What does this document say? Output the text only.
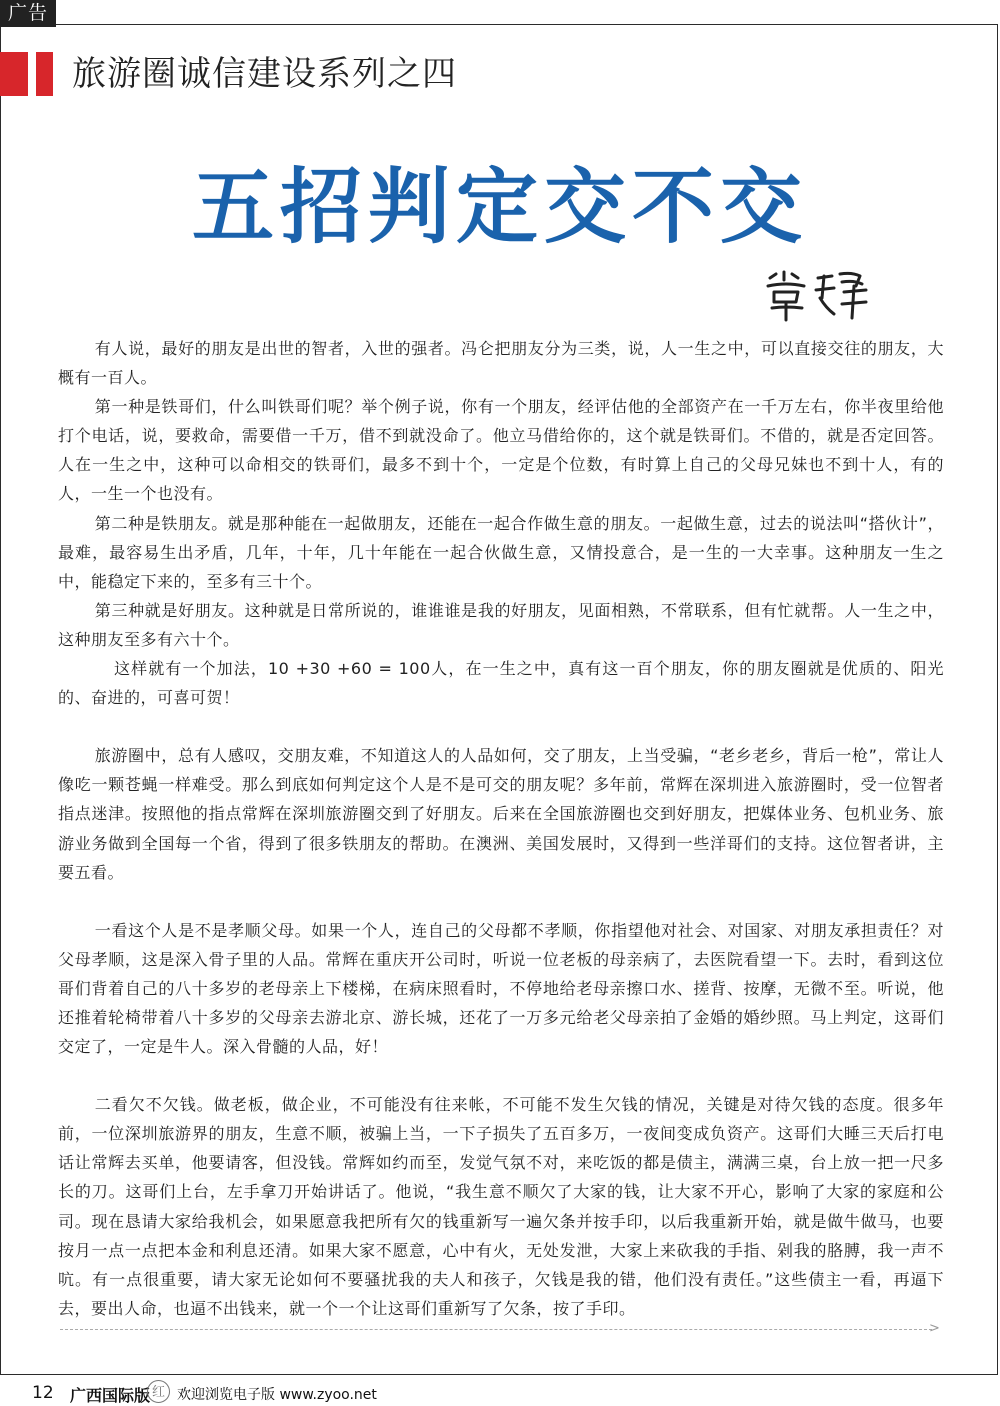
广告
旅游圈诚信建设系列之四
五招判定交不交

有人说，最好的朋友是出世的智者，入世的强者。冯仑把朋友分为三类，说，人一生之中，可以直接交往的朋友，大概有一百人。

第一种是铁哥们，什么叫铁哥们呢？举个例子说，你有一个朋友，经评估他的全部资产在一千万左右，你半夜里给他打个电话，说，要救命，需要借一千万，借不到就没命了。他立马借给你的，这个就是铁哥们。不借的，就是否定回答。人在一生之中，这种可以命相交的铁哥们，最多不到十个，一定是个位数，有时算上自己的父母兄妹也不到十人，有的人，一生一个也没有。

第二种是铁朋友。就是那种能在一起做朋友，还能在一起合作做生意的朋友。一起做生意，过去的说法叫“搭伙计”，最难，最容易生出矛盾，几年，十年，几十年能在一起合伙做生意，又情投意合，是一生的一大幸事。这种朋友一生之中，能稳定下来的，至多有三十个。

第三种就是好朋友。这种就是日常所说的，谁谁谁是我的好朋友，见面相熟，不常联系，但有忙就帮。人一生之中，这种朋友至多有六十个。

这样就有一个加法，10 +30 +60 = 100人，在一生之中，真有这一百个朋友，你的朋友圈就是优质的、阳光的、奋进的，可喜可贺！

旅游圈中，总有人感叹，交朋友难，不知道这人的人品如何，交了朋友，上当受骗，“老乡老乡，背后一枪”，常让人像吃一颗苍蝇一样难受。那么到底如何判定这个人是不是可交的朋友呢？多年前，常辉在深圳进入旅游圈时，受一位智者指点迷津。按照他的指点常辉在深圳旅游圈交到了好朋友。后来在全国旅游圈也交到好朋友，把媒体业务、包机业务、旅游业务做到全国每一个省，得到了很多铁朋友的帮助。在澳洲、美国发展时，又得到一些洋哥们的支持。这位智者讲，主要五看。

一看这个人是不是孝顺父母。如果一个人，连自己的父母都不孝顺，你指望他对社会、对国家、对朋友承担责任？对父母孝顺，这是深入骨子里的人品。常辉在重庆开公司时，听说一位老板的母亲病了，去医院看望一下。去时，看到这位哥们背着自己的八十多岁的老母亲上下楼梯，在病床照看时，不停地给老母亲擦口水、搓背、按摩，无微不至。听说，他还推着轮椅带着八十多岁的父母亲去游北京、游长城，还花了一万多元给老父母亲拍了金婚的婚纱照。马上判定，这哥们交定了，一定是牛人。深入骨髓的人品，好！

二看欠不欠钱。做老板，做企业，不可能没有往来帐，不可能不发生欠钱的情况，关键是对待欠钱的态度。很多年前，一位深圳旅游界的朋友，生意不顺，被骗上当，一下子损失了五百多万，一夜间变成负资产。这哥们大睡三天后打电话让常辉去买单，他要请客，但没钱。常辉如约而至，发觉气氛不对，来吃饭的都是债主，满满三桌，台上放一把一尺多长的刀。这哥们上台，左手拿刀开始讲话了。他说，“我生意不顺欠了大家的钱，让大家不开心，影响了大家的家庭和公司。现在恳请大家给我机会，如果愿意我把所有欠的钱重新写一遍欠条并按手印，以后我重新开始，就是做牛做马，也要按月一点一点把本金和利息还清。如果大家不愿意，心中有火，无处发泄，大家上来砍我的手指、剁我的胳膊，我一声不吭。有一点很重要，请大家无论如何不要骚扰我的夫人和孩子，欠钱是我的错，他们没有责任。”这些债主一看，再逼下去，要出人命，也逼不出钱来，就一个一个让这哥们重新写了欠条，按了手印。

>
12 广西国际版 红 欢迎浏览电子版 www.zyoo.net
